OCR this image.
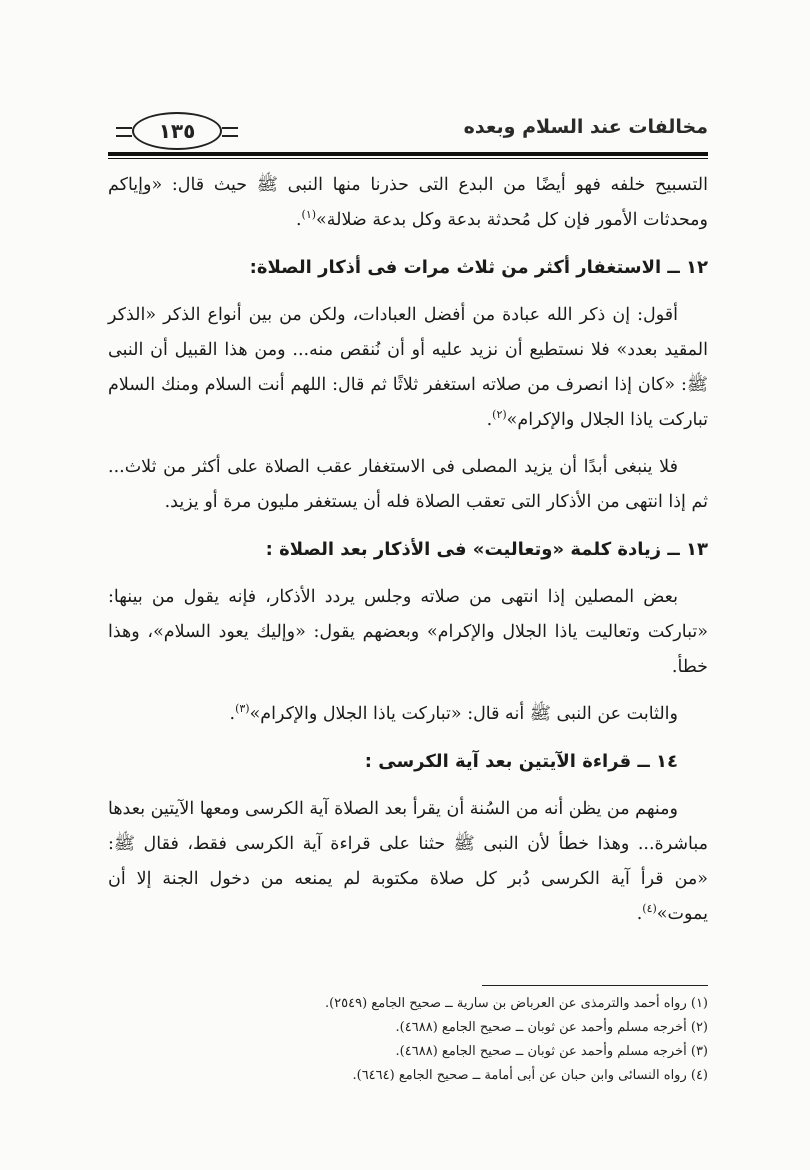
مخالفات عند السلام وبعده
١٣٥

التسبيح خلفه فهو أيضًا من البدع التى حذرنا منها النبى ﷺ حيث قال: «وإياكم ومحدثات الأمور فإن كل مُحدثة بدعة وكل بدعة ضلالة»$^{(١)}$.

١٢ ــ الاستغفار أكثر من ثلاث مرات فى أذكار الصلاة:

أقول: إن ذكر الله عبادة من أفضل العبادات، ولكن من بين أنواع الذكر «الذكر المقيد بعدد» فلا نستطيع أن نزيد عليه أو أن نُنقص منه... ومن هذا القبيل أن النبى ﷺ: «كان إذا انصرف من صلاته استغفر ثلاثًا ثم قال: اللهم أنت السلام ومنك السلام تباركت ياذا الجلال والإكرام»$^{(٢)}$.

فلا ينبغى أبدًا أن يزيد المصلى فى الاستغفار عقب الصلاة على أكثر من ثلاث... ثم إذا انتهى من الأذكار التى تعقب الصلاة فله أن يستغفر مليون مرة أو يزيد.

١٣ ــ زيادة كلمة «وتعاليت» فى الأذكار بعد الصلاة :

بعض المصلين إذا انتهى من صلاته وجلس يردد الأذكار، فإنه يقول من بينها: «تباركت وتعاليت ياذا الجلال والإكرام» وبعضهم يقول: «وإليك يعود السلام»، وهذا خطأ.

والثابت عن النبى ﷺ أنه قال: «تباركت ياذا الجلال والإكرام»$^{(٣)}$.

١٤ ــ قراءة الآيتين بعد آية الكرسى :

ومنهم من يظن أنه من السُنة أن يقرأ بعد الصلاة آية الكرسى ومعها الآيتين بعدها مباشرة... وهذا خطأ لأن النبى ﷺ حثنا على قراءة آية الكرسى فقط، فقال ﷺ: «من قرأ آية الكرسى دُبر كل صلاة مكتوبة لم يمنعه من دخول الجنة إلا أن يموت»$^{(٤)}$.

(١) رواه أحمد والترمذى عن العرباض بن سارية ــ صحيح الجامع (٢٥٤٩).
(٢) أخرجه مسلم وأحمد عن ثوبان ــ صحيح الجامع (٤٦٨٨).
(٣) أخرجه مسلم وأحمد عن ثوبان ــ صحيح الجامع (٤٦٨٨).
(٤) رواه النسائى وابن حبان عن أبى أمامة ــ صحيح الجامع (٦٤٦٤).
